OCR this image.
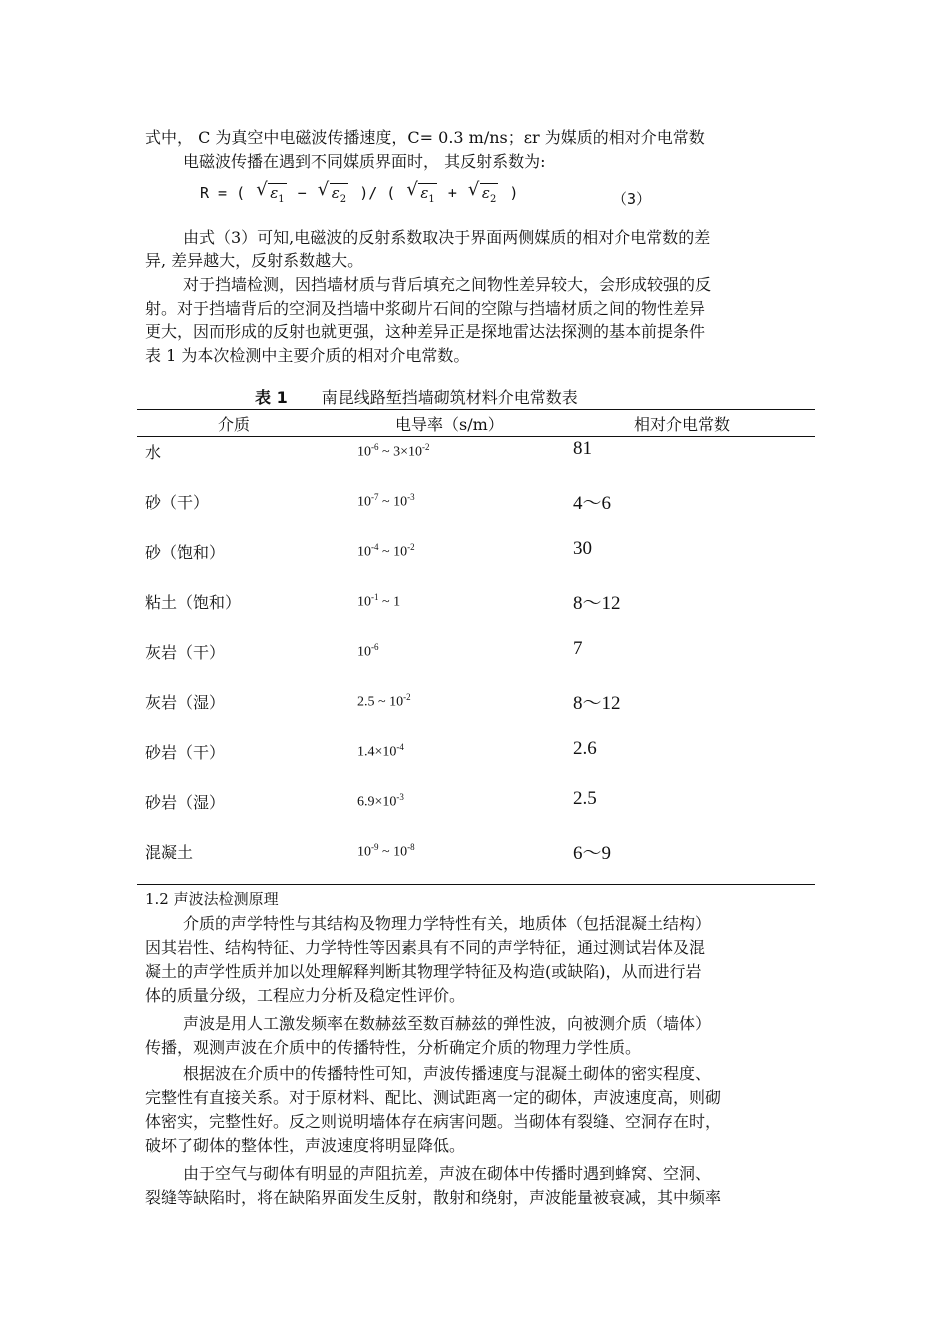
式中， C 为真空中电磁波传播速度，C= 0.3 m/ns；εr 为媒质的相对介电常数
电磁波传播在遇到不同媒质界面时， 其反射系数为:
R = ( √ $\varepsilon_1$ − √ $\varepsilon_2$ )/ ( √ $\varepsilon_1$ + √ $\varepsilon_2$ )	（3）
由式（3）可知,电磁波的反射系数取决于界面两侧媒质的相对介电常数的差
异, 差异越大，反射系数越大。
对于挡墙检测，因挡墙材质与背后填充之间物性差异较大，会形成较强的反
射。对于挡墙背后的空洞及挡墙中浆砌片石间的空隙与挡墙材质之间的物性差异
更大，因而形成的反射也就更强，这种差异正是探地雷达法探测的基本前提条件
表 1 为本次检测中主要介质的相对介电常数。
表 1 南昆线路堑挡墙砌筑材料介电常数表
介质	电导率（s/m）	相对介电常数
水	$10^{-6}$ ~ $3\times 10^{-2}$	81
砂（干）	$10^{-7}$ ~ $10^{-3}$	4～6
砂（饱和）	$10^{-4}$ ~ $10^{-2}$	30
粘土（饱和）	$10^{-1}$ ~ 1	8～12
灰岩（干）	$10^{-6}$	7
灰岩（湿）	2.5 ~ $10^{-2}$	8～12
砂岩（干）	$1.4\times 10^{-4}$	2.6
砂岩（湿）	$6.9\times 10^{-3}$	2.5
混凝土	$10^{-9}$ ~ $10^{-8}$	6～9
1.2 声波法检测原理
介质的声学特性与其结构及物理力学特性有关，地质体（包括混凝土结构）
因其岩性、结构特征、力学特性等因素具有不同的声学特征，通过测试岩体及混
凝土的声学性质并加以处理解释判断其物理学特征及构造(或缺陷)，从而进行岩
体的质量分级，工程应力分析及稳定性评价。
声波是用人工激发频率在数赫兹至数百赫兹的弹性波，向被测介质（墙体）
传播，观测声波在介质中的传播特性，分析确定介质的物理力学性质。
根据波在介质中的传播特性可知，声波传播速度与混凝土砌体的密实程度、
完整性有直接关系。对于原材料、配比、测试距离一定的砌体，声波速度高，则砌
体密实，完整性好。反之则说明墙体存在病害问题。当砌体有裂缝、空洞存在时，
破坏了砌体的整体性，声波速度将明显降低。
由于空气与砌体有明显的声阻抗差，声波在砌体中传播时遇到蜂窝、空洞、
裂缝等缺陷时，将在缺陷界面发生反射，散射和绕射，声波能量被衰减，其中频率
